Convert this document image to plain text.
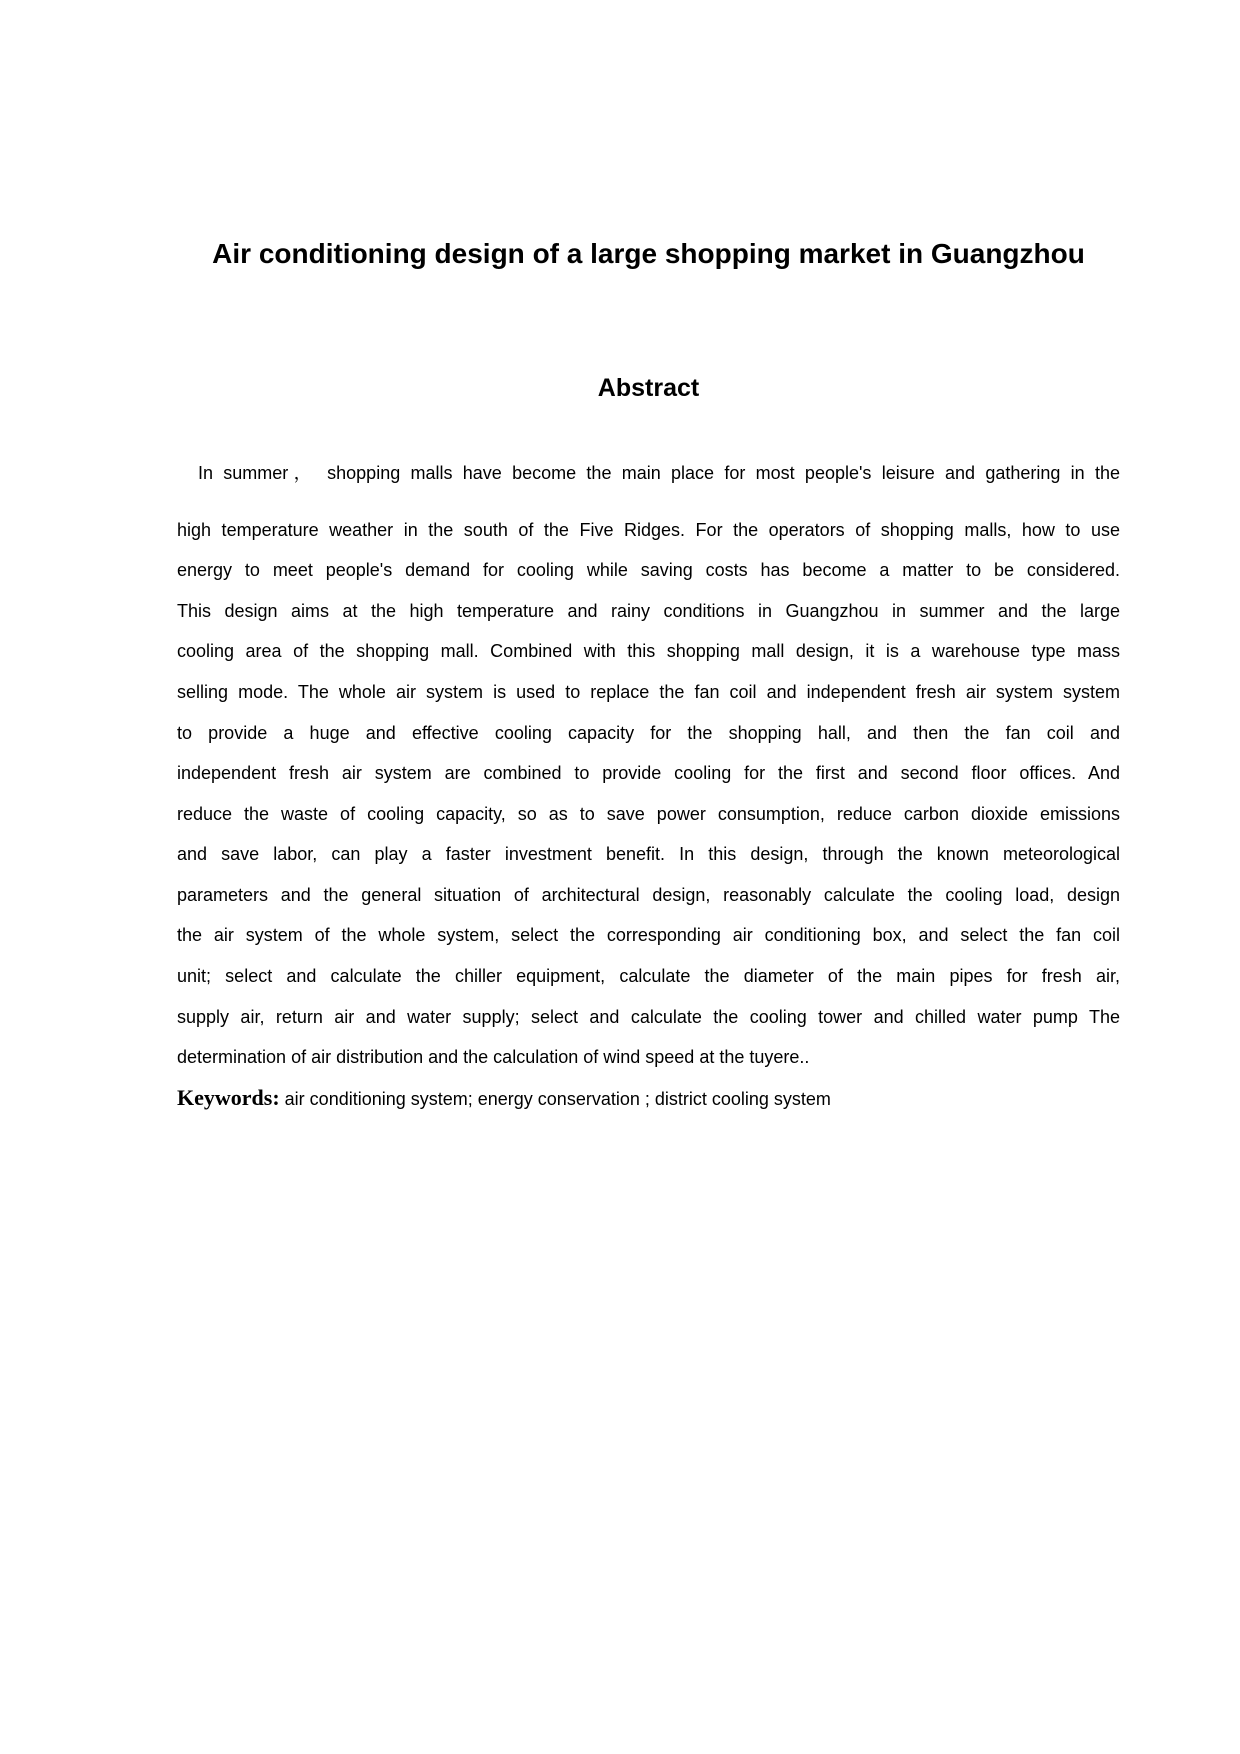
Air conditioning design of a large shopping market in Guangzhou
Abstract
In summer， shopping malls have become the main place for most people's leisure and gathering in the
high temperature weather in the south of the Five Ridges. For the operators of shopping malls, how to use
energy to meet people's demand for cooling while saving costs has become a matter to be considered.
This design aims at the high temperature and rainy conditions in Guangzhou in summer and the large
cooling area of the shopping mall. Combined with this shopping mall design, it is a warehouse type mass
selling mode. The whole air system is used to replace the fan coil and independent fresh air system system
to provide a huge and effective cooling capacity for the shopping hall, and then the fan coil and
independent fresh air system are combined to provide cooling for the first and second floor offices. And
reduce the waste of cooling capacity, so as to save power consumption, reduce carbon dioxide emissions
and save labor, can play a faster investment benefit. In this design, through the known meteorological
parameters and the general situation of architectural design, reasonably calculate the cooling load, design
the air system of the whole system, select the corresponding air conditioning box, and select the fan coil
unit; select and calculate the chiller equipment, calculate the diameter of the main pipes for fresh air,
supply air, return air and water supply; select and calculate the cooling tower and chilled water pump The
determination of air distribution and the calculation of wind speed at the tuyere..
Keywords: air conditioning system; energy conservation ; district cooling system
